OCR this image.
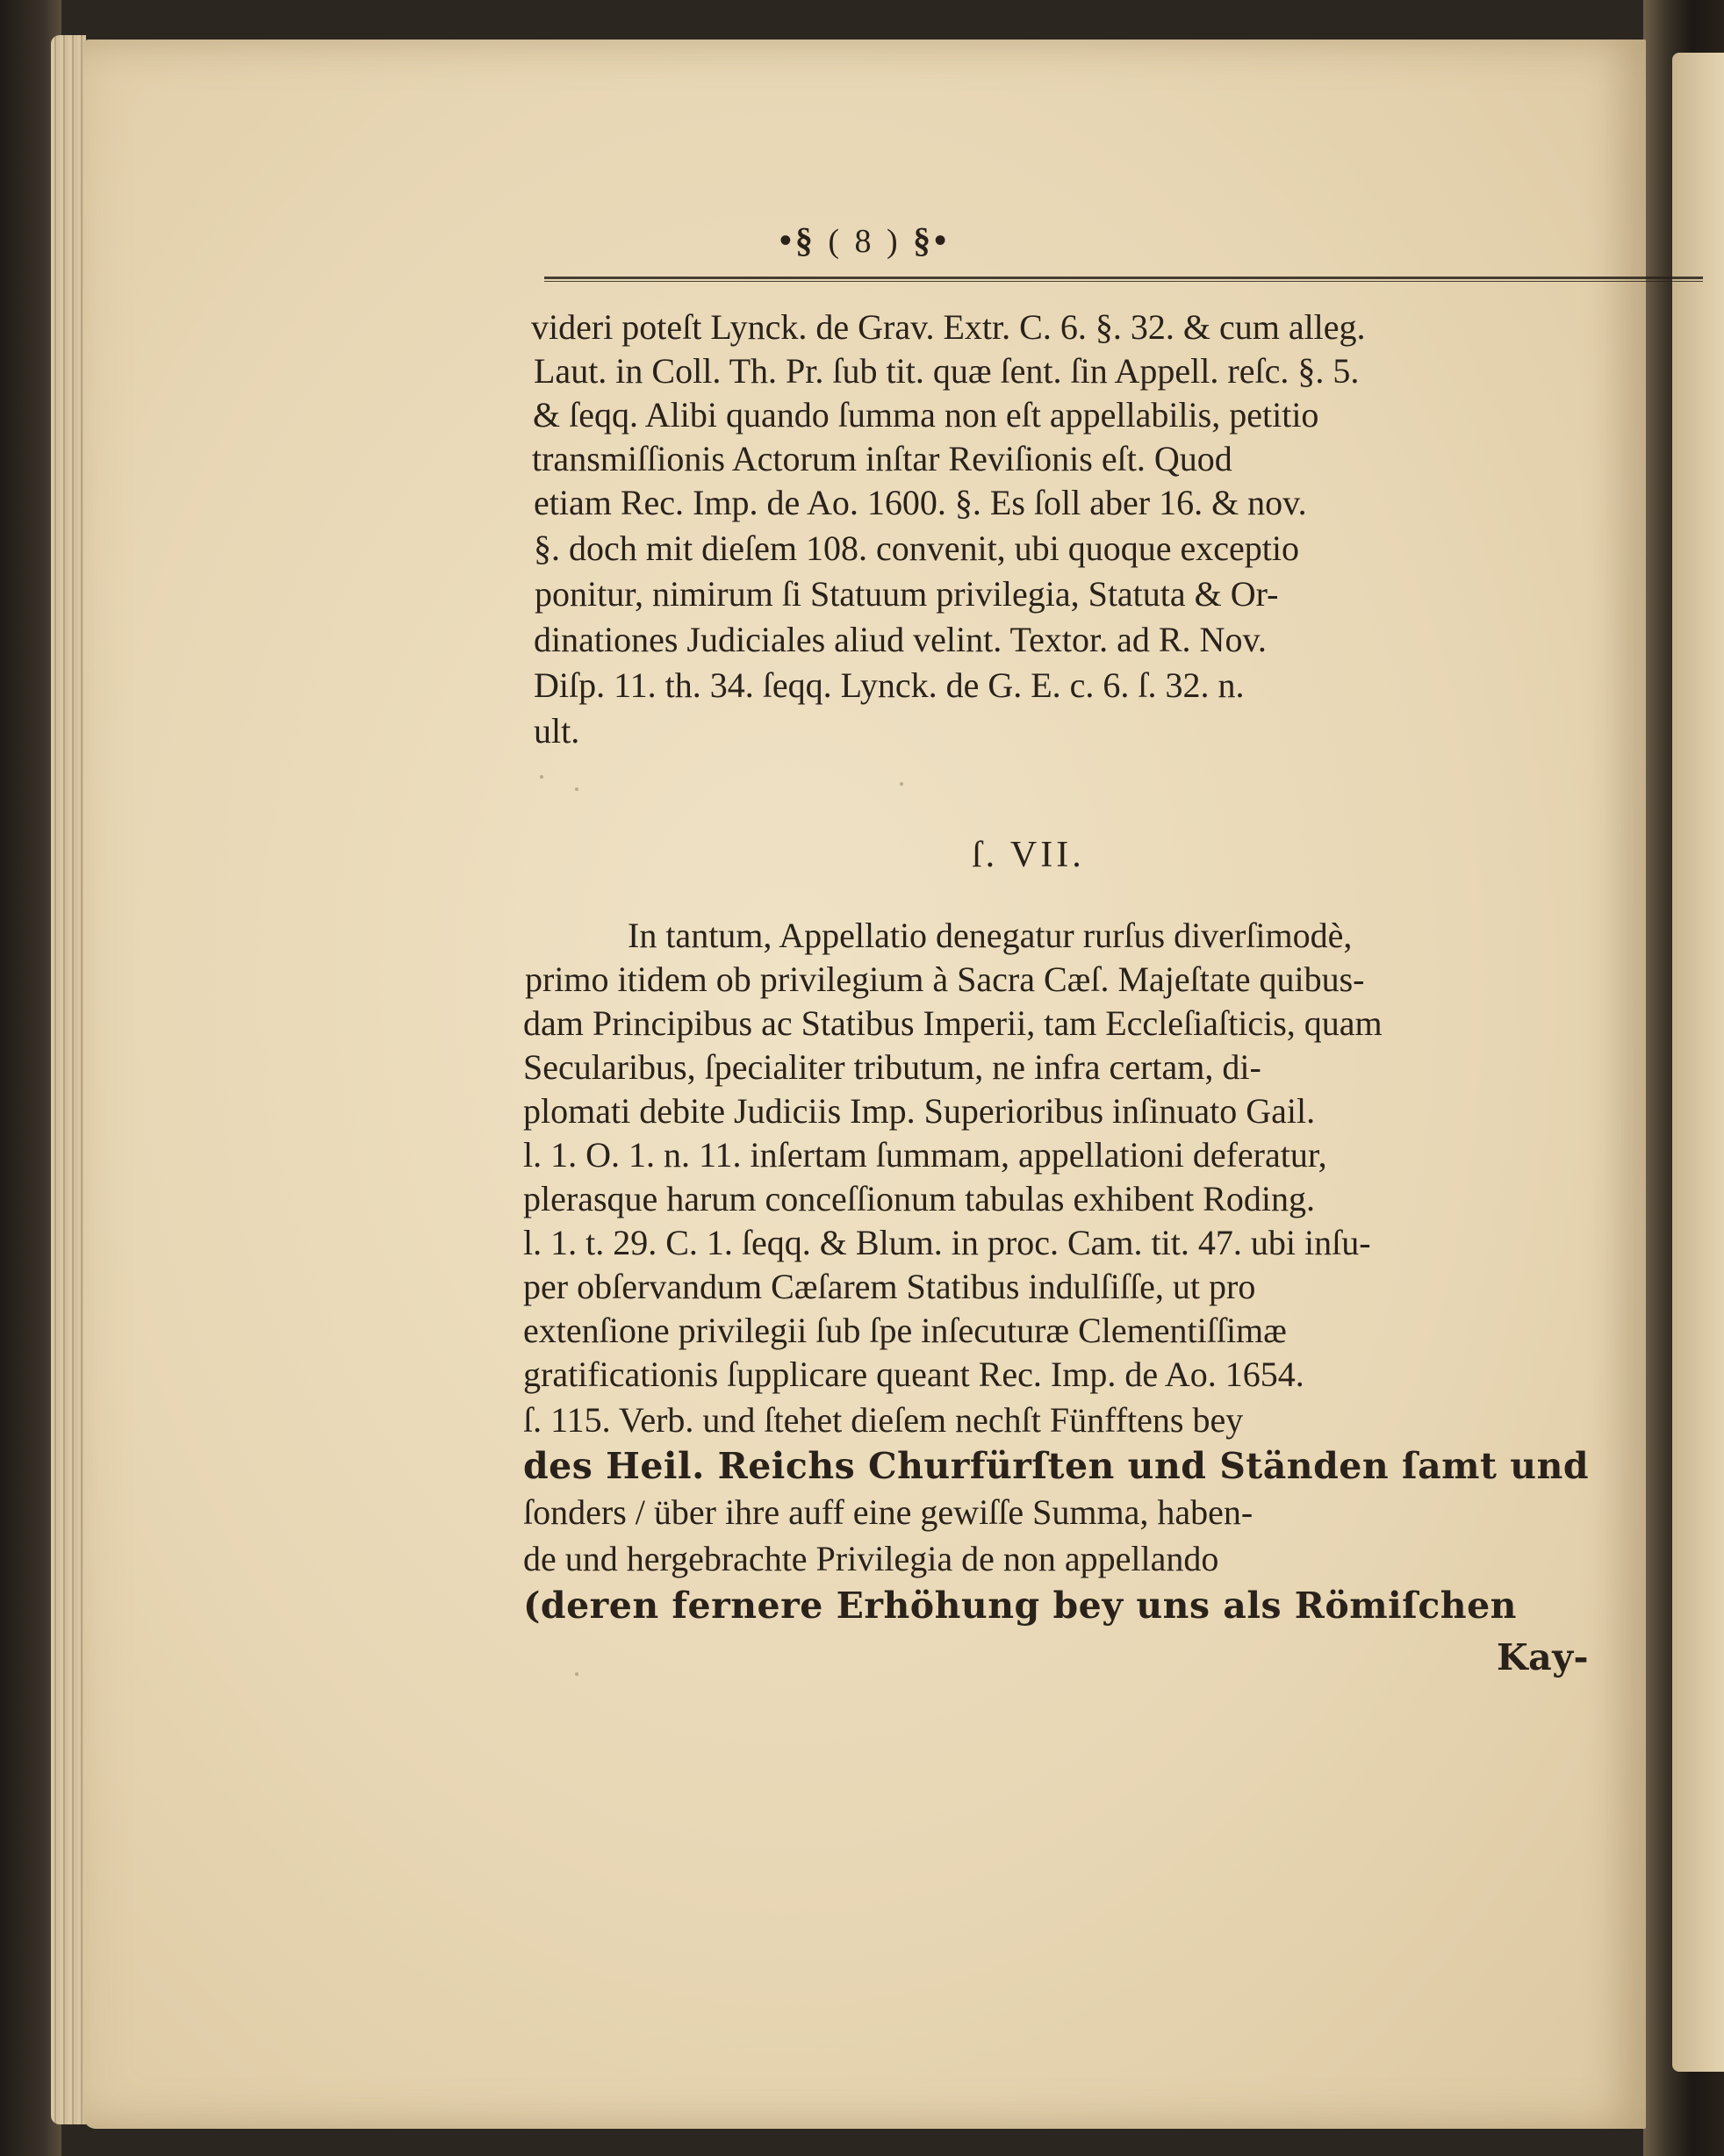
•§ ( 8 ) §•
videri poteſt Lynck. de Grav. Extr. C. 6. §. 32. & cum alleg.
Laut. in Coll. Th. Pr. ſub tit. quæ ſent. ſin Appell. reſc. §. 5.
& ſeqq. Alibi quando ſumma non eſt appellabilis, petitio
transmiſſionis Actorum inſtar Reviſionis eſt. Quod
etiam Rec. Imp. de Ao. 1600. §. Es ſoll aber 16. & nov.
§. doch mit dieſem 108. convenit, ubi quoque exceptio
ponitur, nimirum ſi Statuum privilegia, Statuta & Or-
dinationes Judiciales aliud velint. Textor. ad R. Nov.
Diſp. 11. th. 34. ſeqq. Lynck. de G. E. c. 6. ſ. 32. n.
ult.
ſ. VII.
In tantum, Appellatio denegatur rurſus diverſimodè,
primo itidem ob privilegium à Sacra Cæſ. Majeſtate quibus-
dam Principibus ac Statibus Imperii, tam Eccleſiaſticis, quam
Secularibus, ſpecialiter tributum, ne infra certam, di-
plomati debite Judiciis Imp. Superioribus inſinuato Gail.
l. 1. O. 1. n. 11. inſertam ſummam, appellationi deferatur,
plerasque harum conceſſionum tabulas exhibent Roding.
l. 1. t. 29. C. 1. ſeqq. & Blum. in proc. Cam. tit. 47. ubi inſu-
per obſervandum Cæſarem Statibus indulſiſſe, ut pro
extenſione privilegii ſub ſpe inſecuturæ Clementiſſimæ
gratificationis ſupplicare queant Rec. Imp. de Ao. 1654.
ſ. 115. Verb. und ſtehet dieſem nechſt Fünfftens bey
des Heil. Reichs Churfürſten und Ständen ſamt und
ſonders / über ihre auff eine gewiſſe Summa, haben-
de und hergebrachte Privilegia de non appellando
(deren fernere Erhöhung bey uns als Römiſchen
Kay-
